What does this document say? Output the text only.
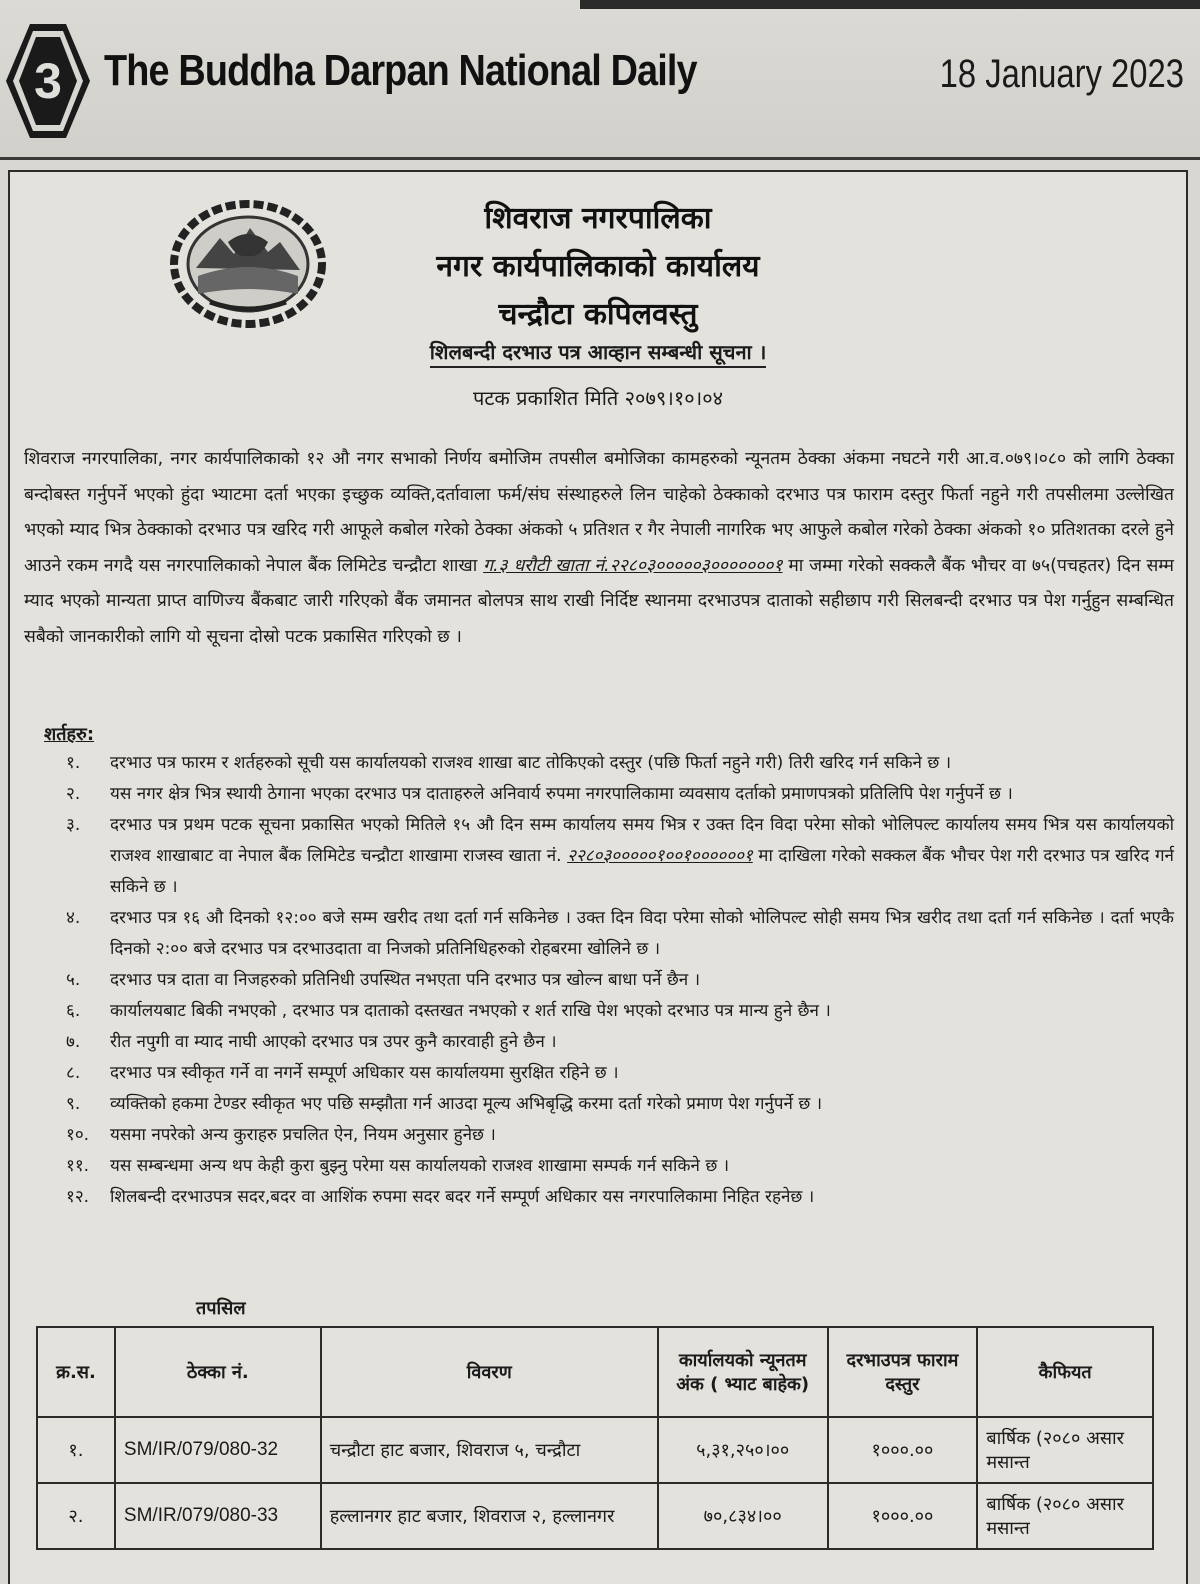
3 The Buddha Darpan National Daily	18 January 2023
शिवराज नगरपालिका
नगर कार्यपालिकाको कार्यालय
चन्द्रौटा कपिलवस्तु
शिलबन्दी दरभाउ पत्र आव्हान सम्बन्धी सूचना ।
पटक प्रकाशित मिति २०७९।१०।०४
शिवराज नगरपालिका, नगर कार्यपालिकाको १२ औ नगर सभाको निर्णय बमोजिम तपसील बमोजिका कामहरुको न्यूनतम ठेक्का अंकमा नघटने गरी आ.व.०७९।०८० को लागि ठेक्का बन्दोबस्त गर्नुपर्ने भएको हुंदा भ्याटमा दर्ता भएका इच्छुक व्यक्ति,दर्तावाला फर्म/संघ संस्थाहरुले लिन चाहेको ठेक्काको दरभाउ पत्र फाराम दस्तुर फिर्ता नहुने गरी तपसीलमा उल्लेखित भएको म्याद भित्र ठेक्काको दरभाउ पत्र खरिद गरी आफूले कबोल गरेको ठेक्का अंकको ५ प्रतिशत र गैर नेपाली नागरिक भए आफुले कबोल गरेको ठेक्का अंकको १० प्रतिशतका दरले हुने आउने रकम नगदै यस नगरपालिकाको नेपाल बैंक लिमिटेड चन्द्रौटा शाखा ग.३ धरौटी खाता नं.२२८०३०००००३०००००००१ मा जम्मा गरेको सक्कलै बैंक भौचर वा ७५(पचहतर) दिन सम्म म्याद भएको मान्यता प्राप्त वाणिज्य बैंकबाट जारी गरिएको बैंक जमानत बोलपत्र साथ राखी निर्दिष्ट स्थानमा दरभाउपत्र दाताको सहीछाप गरी सिलबन्दी दरभाउ पत्र पेश गर्नुहुन सम्बन्धित सबैको जानकारीको लागि यो सूचना दोस्रो पटक प्रकासित गरिएको छ ।
शर्तहरु:
१.	दरभाउ पत्र फारम र शर्तहरुको सूची यस कार्यालयको राजश्व शाखा बाट तोकिएको दस्तुर (पछि फिर्ता नहुने गरी) तिरी खरिद गर्न सकिने छ ।
२.	यस नगर क्षेत्र भित्र स्थायी ठेगाना भएका दरभाउ पत्र दाताहरुले अनिवार्य रुपमा नगरपालिकामा व्यवसाय दर्ताको प्रमाणपत्रको प्रतिलिपि पेश गर्नुपर्ने छ ।
३.	दरभाउ पत्र प्रथम पटक सूचना प्रकासित भएको मितिले १५ औ दिन सम्म कार्यालय समय भित्र र उक्त दिन विदा परेमा सोको भोलिपल्ट कार्यालय समय भित्र यस कार्यालयको राजश्व शाखाबाट वा नेपाल बैंक लिमिटेड चन्द्रौटा शाखामा राजस्व खाता नं. २२८०३०००००१००१००००००१ मा दाखिला गरेको सक्कल बैंक भौचर पेश गरी दरभाउ पत्र खरिद गर्न सकिने छ ।
४.	दरभाउ पत्र १६ औ दिनको १२:०० बजे सम्म खरीद तथा दर्ता गर्न सकिनेछ । उक्त दिन विदा परेमा सोको भोलिपल्ट सोही समय भित्र खरीद तथा दर्ता गर्न सकिनेछ । दर्ता भएकै दिनको २:०० बजे दरभाउ पत्र दरभाउदाता वा निजको प्रतिनिधिहरुको रोहबरमा खोलिने छ ।
५.	दरभाउ पत्र दाता वा निजहरुको प्रतिनिधी उपस्थित नभएता पनि दरभाउ पत्र खोल्न बाधा पर्ने छैन ।
६.	कार्यालयबाट बिकी नभएको , दरभाउ पत्र दाताको दस्तखत नभएको र शर्त राखि पेश भएको दरभाउ पत्र मान्य हुने छैन ।
७.	रीत नपुगी वा म्याद नाघी आएको दरभाउ पत्र उपर कुनै कारवाही हुने छैन ।
८.	दरभाउ पत्र स्वीकृत गर्ने वा नगर्ने सम्पूर्ण अधिकार यस कार्यालयमा सुरक्षित रहिने छ ।
९.	व्यक्तिको हकमा टेण्डर स्वीकृत भए पछि सम्झौता गर्न आउदा मूल्य अभिबृद्धि करमा दर्ता गरेको प्रमाण पेश गर्नुपर्ने छ ।
१०.	यसमा नपरेको अन्य कुराहरु प्रचलित ऐन, नियम अनुसार हुनेछ ।
११.	यस सम्बन्धमा अन्य थप केही कुरा बुझ्नु परेमा यस कार्यालयको राजश्व शाखामा सम्पर्क गर्न सकिने छ ।
१२.	शिलबन्दी दरभाउपत्र सदर,बदर वा आशिंक रुपमा सदर बदर गर्ने सम्पूर्ण अधिकार यस नगरपालिकामा निहित रहनेछ ।
तपसिल
क्र.स.	ठेक्का नं.	विवरण	कार्यालयको न्यूनतम अंक ( भ्याट बाहेक)	दरभाउपत्र फाराम दस्तुर	कैफियत
१.	SM/IR/079/080-32	चन्द्रौटा हाट बजार, शिवराज ५, चन्द्रौटा	५,३१,२५०।००	१०००.००	बार्षिक (२०८० असार मसान्त
२.	SM/IR/079/080-33	हल्लानगर हाट बजार, शिवराज २, हल्लानगर	७०,८३४।००	१०००.००	बार्षिक (२०८० असार मसान्त
